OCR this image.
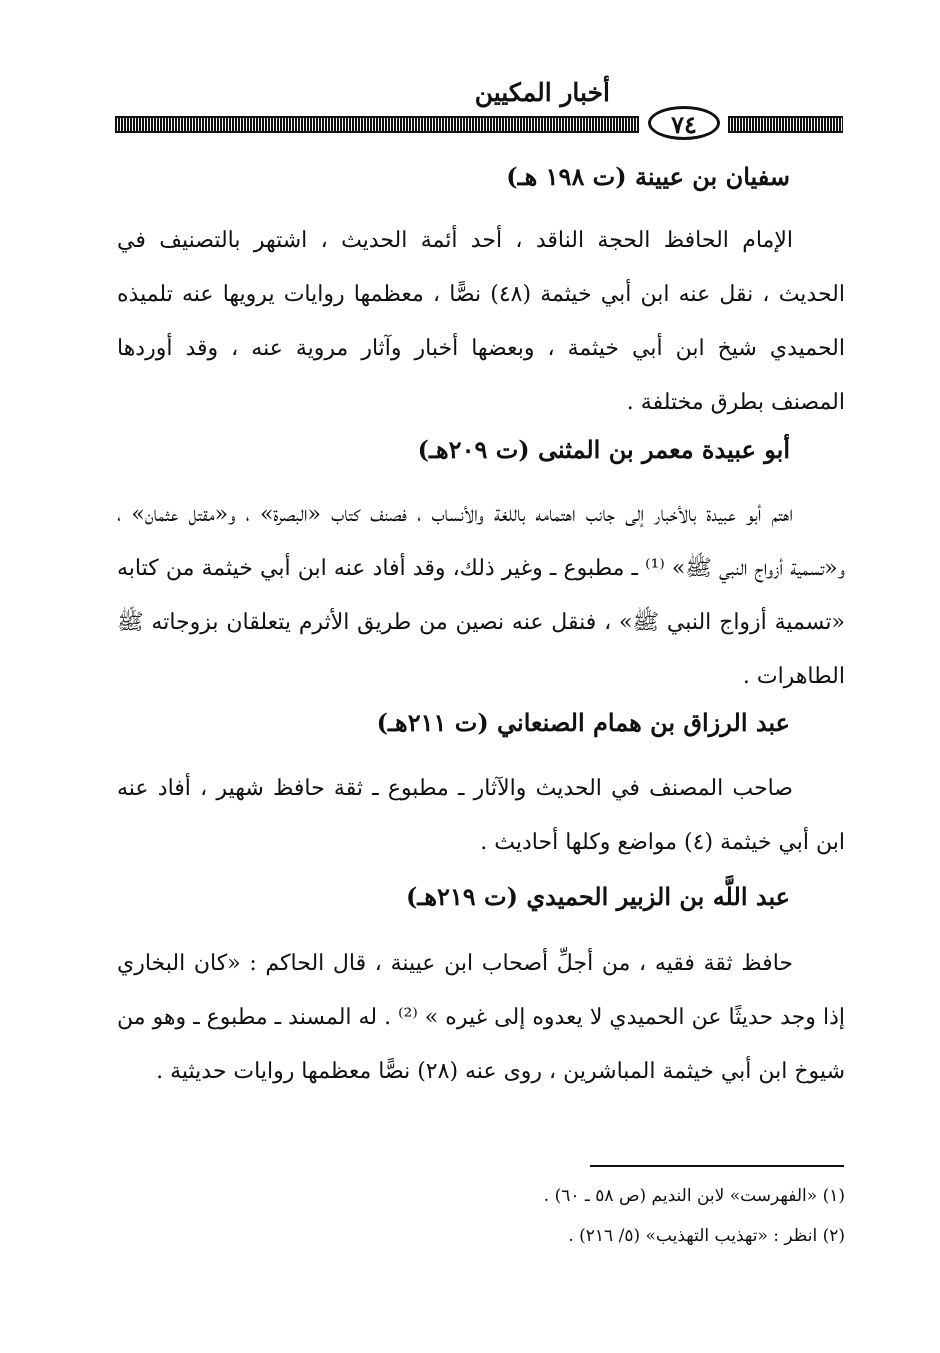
أخبار المكيين
٧٤
سفيان بن عيينة (ت ١٩٨ هـ)

الإمام الحافظ الحجة الناقد ، أحد أئمة الحديث ، اشتهر بالتصنيف في الحديث ، نقل عنه ابن أبي خيثمة (٤٨) نصًّا ، معظمها روايات يرويها عنه تلميذه الحميدي شيخ ابن أبي خيثمة ، وبعضها أخبار وآثار مروية عنه ، وقد أوردها المصنف بطرق مختلفة .

أبو عبيدة معمر بن المثنى (ت ٢٠٩هـ)

اهتم أبو عبيدة بالأخبار إلى جانب اهتمامه باللغة والأنساب ، فصنف كتاب «البصرة» ، و«مقتل عثمان» ، و«تسمية أزواج النبي ﷺ» ⁽¹⁾ ـ مطبوع ـ وغير ذلك، وقد أفاد عنه ابن أبي خيثمة من كتابه «تسمية أزواج النبي ﷺ» ، فنقل عنه نصين من طريق الأثرم يتعلقان بزوجاته ﷺ الطاهرات .

عبد الرزاق بن همام الصنعاني (ت ٢١١هـ)

صاحب المصنف في الحديث والآثار ـ مطبوع ـ ثقة حافظ شهير ، أفاد عنه ابن أبي خيثمة (٤) مواضع وكلها أحاديث .

عبد اللَّه بن الزبير الحميدي (ت ٢١٩هـ)

حافظ ثقة فقيه ، من أجلِّ أصحاب ابن عيينة ، قال الحاكم : «كان البخاري إذا وجد حديثًا عن الحميدي لا يعدوه إلى غيره » ⁽²⁾ . له المسند ـ مطبوع ـ وهو من شيوخ ابن أبي خيثمة المباشرين ، روى عنه (٢٨) نصًّا معظمها روايات حديثية .

(١) «الفهرست» لابن النديم (ص ٥٨ ـ ٦٠) .
(٢) انظر : «تهذيب التهذيب» (٥/ ٢١٦) .
